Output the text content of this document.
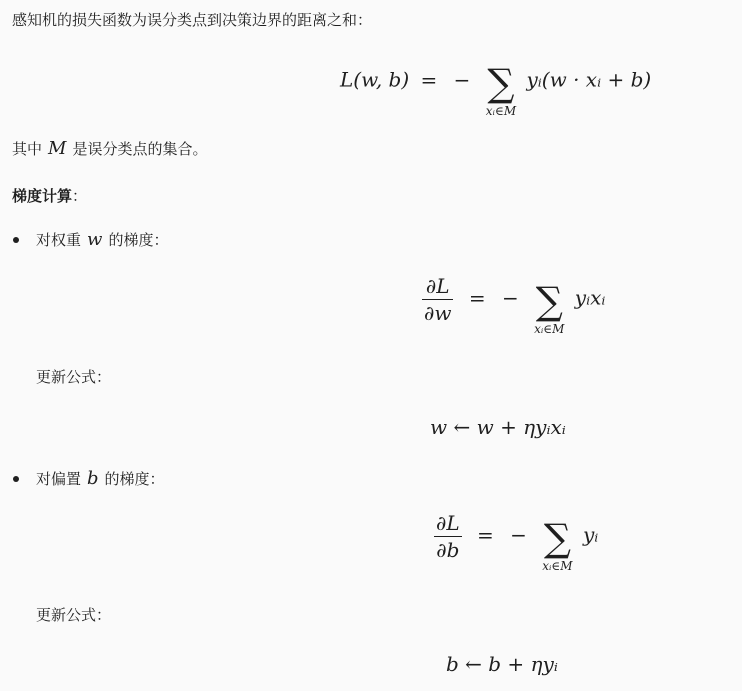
感知机的损失函数为误分类点到决策边界的距离之和：
L(w, b) = − ∑
xᵢ∈M
yᵢ(w · xᵢ + b)
其中 M 是误分类点的集合。
梯度计算：
对权重 w 的梯度：
$\frac{\partial L}{\partial w}$ = − ∑
xᵢ∈M
yᵢxᵢ
更新公式：
w ← w + ηyᵢxᵢ
对偏置 b 的梯度：
$\frac{\partial L}{\partial b}$ = − ∑
xᵢ∈M
yᵢ
更新公式：
b ← b + ηyᵢ
